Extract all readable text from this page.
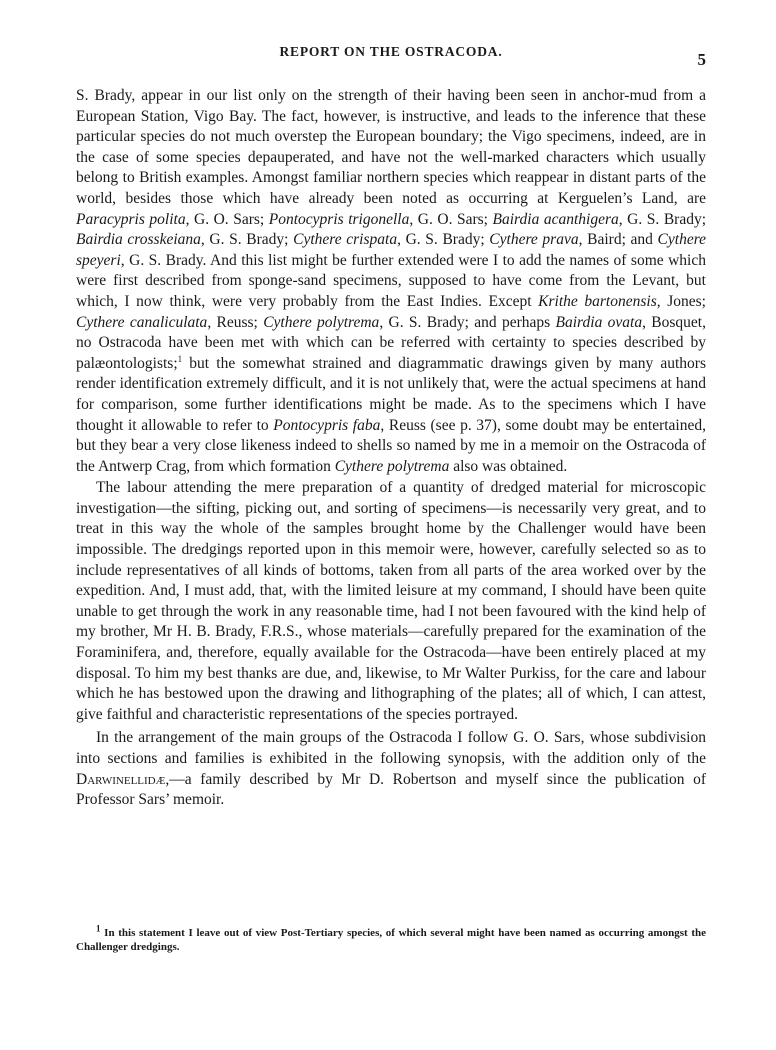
REPORT ON THE OSTRACODA.	5

S. Brady, appear in our list only on the strength of their having been seen in anchor-mud from a European Station, Vigo Bay. The fact, however, is instructive, and leads to the inference that these particular species do not much overstep the European boundary; the Vigo specimens, indeed, are in the case of some species depauperated, and have not the well-marked characters which usually belong to British examples. Amongst familiar northern species which reappear in distant parts of the world, besides those which have already been noted as occurring at Kerguelen’s Land, are Paracypris polita, G. O. Sars; Pontocypris trigonella, G. O. Sars; Bairdia acanthigera, G. S. Brady; Bairdia crosskeiana, G. S. Brady; Cythere crispata, G. S. Brady; Cythere prava, Baird; and Cythere speyeri, G. S. Brady. And this list might be further extended were I to add the names of some which were first described from sponge-sand specimens, supposed to have come from the Levant, but which, I now think, were very probably from the East Indies. Except Krithe bartonensis, Jones; Cythere canaliculata, Reuss; Cythere polytrema, G. S. Brady; and perhaps Bairdia ovata, Bosquet, no Ostracoda have been met with which can be referred with certainty to species described by palæontologists;$^1$ but the somewhat strained and diagrammatic drawings given by many authors render identification extremely difficult, and it is not unlikely that, were the actual specimens at hand for comparison, some further identifications might be made. As to the specimens which I have thought it allowable to refer to Pontocypris faba, Reuss (see p. 37), some doubt may be entertained, but they bear a very close likeness indeed to shells so named by me in a memoir on the Ostracoda of the Antwerp Crag, from which formation Cythere polytrema also was obtained.

The labour attending the mere preparation of a quantity of dredged material for microscopic investigation—the sifting, picking out, and sorting of specimens—is necessarily very great, and to treat in this way the whole of the samples brought home by the Challenger would have been impossible. The dredgings reported upon in this memoir were, however, carefully selected so as to include representatives of all kinds of bottoms, taken from all parts of the area worked over by the expedition. And, I must add, that, with the limited leisure at my command, I should have been quite unable to get through the work in any reasonable time, had I not been favoured with the kind help of my brother, Mr H. B. Brady, F.R.S., whose materials—carefully prepared for the examination of the Foraminifera, and, therefore, equally available for the Ostracoda—have been entirely placed at my disposal. To him my best thanks are due, and, likewise, to Mr Walter Purkiss, for the care and labour which he has bestowed upon the drawing and lithographing of the plates; all of which, I can attest, give faithful and characteristic representations of the species portrayed.

In the arrangement of the main groups of the Ostracoda I follow G. O. Sars, whose subdivision into sections and families is exhibited in the following synopsis, with the addition only of the Darwinellidæ,—a family described by Mr D. Robertson and myself since the publication of Professor Sars’ memoir.

$^1$ In this statement I leave out of view Post-Tertiary species, of which several might have been named as occurring amongst the Challenger dredgings.
